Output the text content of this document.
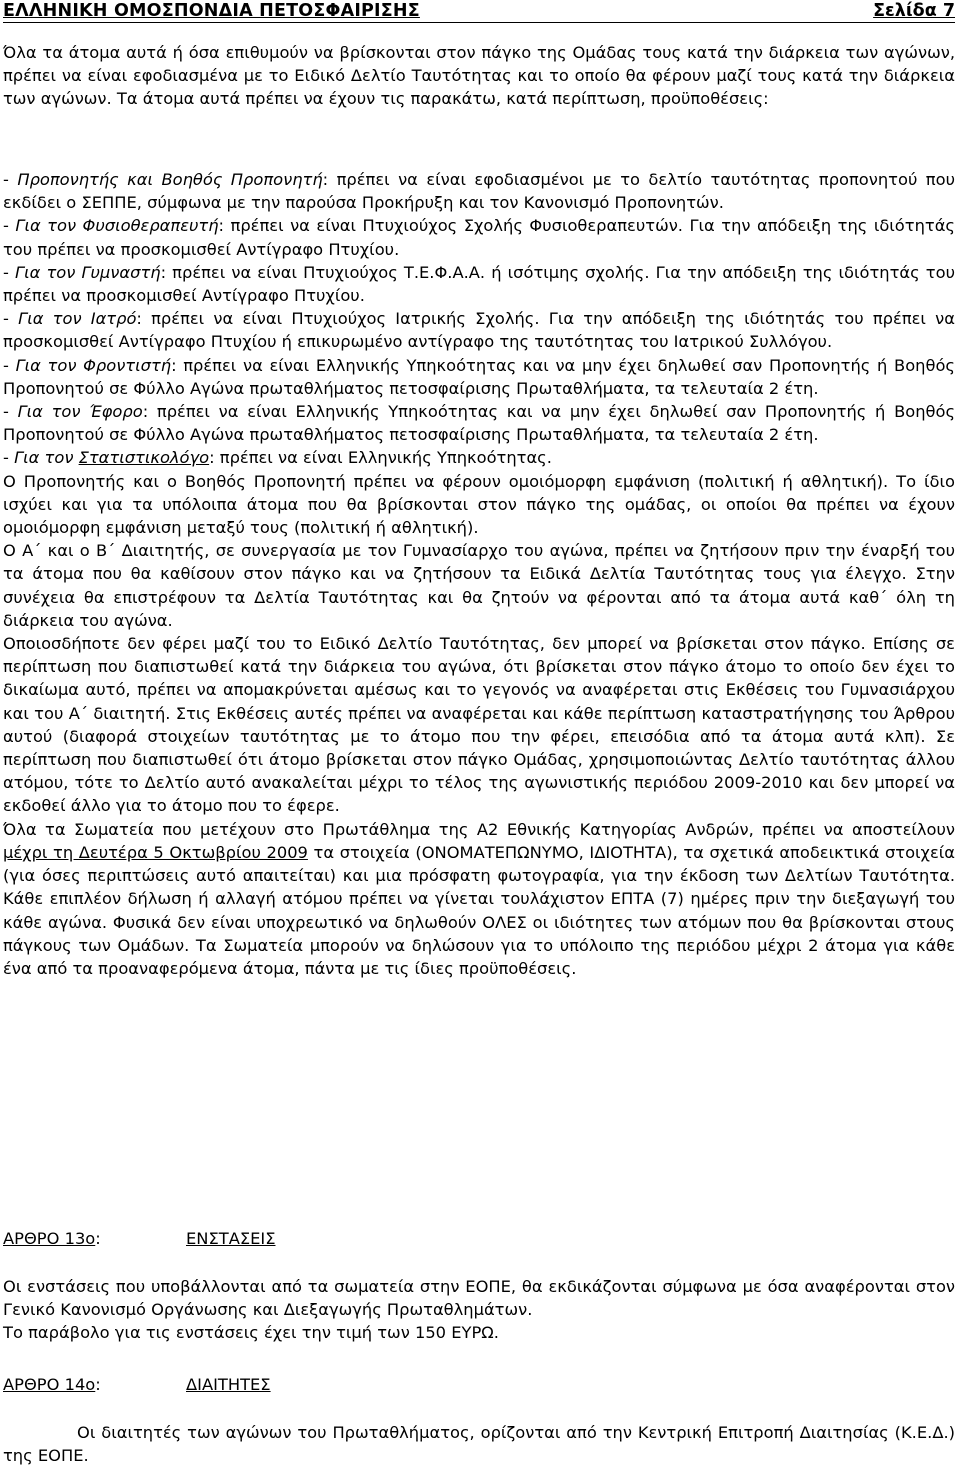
ΕΛΛΗΝΙΚΗ ΟΜΟΣΠΟΝΔΙΑ ΠΕΤΟΣΦΑΙΡΙΣΗΣ	Σελίδα 7

Όλα τα άτομα αυτά ή όσα επιθυμούν να βρίσκονται στον πάγκο της Ομάδας τους κατά την διάρκεια των αγώνων, πρέπει να είναι εφοδιασμένα με το Ειδικό Δελτίο Ταυτότητας και το οποίο θα φέρουν μαζί τους κατά την διάρκεια των αγώνων. Τα άτομα αυτά πρέπει να έχουν τις παρακάτω, κατά περίπτωση, προϋποθέσεις:

- Προπονητής και Βοηθός Προπονητή: πρέπει να είναι εφοδιασμένοι με το δελτίο ταυτότητας προπονητού που εκδίδει ο ΣΕΠΠΕ, σύμφωνα με την παρούσα Προκήρυξη και τον Κανονισμό Προπονητών.

- Για τον Φυσιοθεραπευτή: πρέπει να είναι Πτυχιούχος Σχολής Φυσιοθεραπευτών. Για την απόδειξη της ιδιότητάς του πρέπει να προσκομισθεί Αντίγραφο Πτυχίου.

- Για τον Γυμναστή: πρέπει να είναι Πτυχιούχος Τ.Ε.Φ.Α.Α. ή ισότιμης σχολής. Για την απόδειξη της ιδιότητάς του πρέπει να προσκομισθεί Αντίγραφο Πτυχίου.

- Για τον Ιατρό: πρέπει να είναι Πτυχιούχος Ιατρικής Σχολής. Για την απόδειξη της ιδιότητάς του πρέπει να προσκομισθεί Αντίγραφο Πτυχίου ή επικυρωμένο αντίγραφο της ταυτότητας του Ιατρικού Συλλόγου.

- Για τον Φροντιστή: πρέπει να είναι Ελληνικής Υπηκοότητας και να μην έχει δηλωθεί σαν Προπονητής ή Βοηθός Προπονητού σε Φύλλο Αγώνα πρωταθλήματος πετοσφαίρισης Πρωταθλήματα, τα τελευταία 2 έτη.

- Για τον Έφορο: πρέπει να είναι Ελληνικής Υπηκοότητας και να μην έχει δηλωθεί σαν Προπονητής ή Βοηθός Προπονητού σε Φύλλο Αγώνα πρωταθλήματος πετοσφαίρισης Πρωταθλήματα, τα τελευταία 2 έτη.

- Για τον Στατιστικολόγο: πρέπει να είναι Ελληνικής Υπηκοότητας.

Ο Προπονητής και ο Βοηθός Προπονητή πρέπει να φέρουν ομοιόμορφη εμφάνιση (πολιτική ή αθλητική). Το ίδιο ισχύει και για τα υπόλοιπα άτομα που θα βρίσκονται στον πάγκο της ομάδας, οι οποίοι θα πρέπει να έχουν ομοιόμορφη εμφάνιση μεταξύ τους (πολιτική ή αθλητική).

Ο Α΄ και ο Β΄ Διαιτητής, σε συνεργασία με τον Γυμνασίαρχο του αγώνα, πρέπει να ζητήσουν πριν την έναρξή του τα άτομα που θα καθίσουν στον πάγκο και να ζητήσουν τα Ειδικά Δελτία Ταυτότητας τους για έλεγχο. Στην συνέχεια θα επιστρέφουν τα Δελτία Ταυτότητας και θα ζητούν να φέρονται από τα άτομα αυτά καθ΄ όλη τη διάρκεια του αγώνα.

Οποιοσδήποτε δεν φέρει μαζί του το Ειδικό Δελτίο Ταυτότητας, δεν μπορεί να βρίσκεται στον πάγκο. Επίσης σε περίπτωση που διαπιστωθεί κατά την διάρκεια του αγώνα, ότι βρίσκεται στον πάγκο άτομο το οποίο δεν έχει το δικαίωμα αυτό, πρέπει να απομακρύνεται αμέσως και το γεγονός να αναφέρεται στις Εκθέσεις του Γυμνασιάρχου και του Α΄ διαιτητή. Στις Εκθέσεις αυτές πρέπει να αναφέρεται και κάθε περίπτωση καταστρατήγησης του Άρθρου αυτού (διαφορά στοιχείων ταυτότητας με το άτομο που την φέρει, επεισόδια από τα άτομα αυτά κλπ). Σε περίπτωση που διαπιστωθεί ότι άτομο βρίσκεται στον πάγκο Ομάδας, χρησιμοποιώντας Δελτίο ταυτότητας άλλου ατόμου, τότε το Δελτίο αυτό ανακαλείται μέχρι το τέλος της αγωνιστικής περιόδου 2009-2010 και δεν μπορεί να εκδοθεί άλλο για το άτομο που το έφερε.

Όλα τα Σωματεία που μετέχουν στο Πρωτάθλημα της Α2 Εθνικής Κατηγορίας Ανδρών, πρέπει να αποστείλουν μέχρι τη Δευτέρα 5 Οκτωβρίου 2009 τα στοιχεία (ΟΝΟΜΑΤΕΠΩΝΥΜΟ, ΙΔΙΟΤΗΤΑ), τα σχετικά αποδεικτικά στοιχεία (για όσες περιπτώσεις αυτό απαιτείται) και μια πρόσφατη φωτογραφία, για την έκδοση των Δελτίων Ταυτότητα. Κάθε επιπλέον δήλωση ή αλλαγή ατόμου πρέπει να γίνεται τουλάχιστον ΕΠΤΑ (7) ημέρες πριν την διεξαγωγή του κάθε αγώνα. Φυσικά δεν είναι υποχρεωτικό να δηλωθούν ΟΛΕΣ οι ιδιότητες των ατόμων που θα βρίσκονται στους πάγκους των Ομάδων. Τα Σωματεία μπορούν να δηλώσουν για το υπόλοιπο της περιόδου μέχρι 2 άτομα για κάθε ένα από τα προαναφερόμενα άτομα, πάντα με τις ίδιες προϋποθέσεις.

ΑΡΘΡΟ 13ο:	ΕΝΣΤΑΣΕΙΣ

Οι ενστάσεις που υποβάλλονται από τα σωματεία στην ΕΟΠΕ, θα εκδικάζονται σύμφωνα με όσα αναφέρονται στον Γενικό Κανονισμό Οργάνωσης και Διεξαγωγής Πρωταθλημάτων.

Το παράβολο για τις ενστάσεις έχει την τιμή των 150 ΕΥΡΩ.

ΑΡΘΡΟ 14ο:	ΔΙΑΙΤΗΤΕΣ

Οι διαιτητές των αγώνων του Πρωταθλήματος, ορίζονται από την Κεντρική Επιτροπή Διαιτησίας (Κ.Ε.Δ.) της ΕΟΠΕ.
